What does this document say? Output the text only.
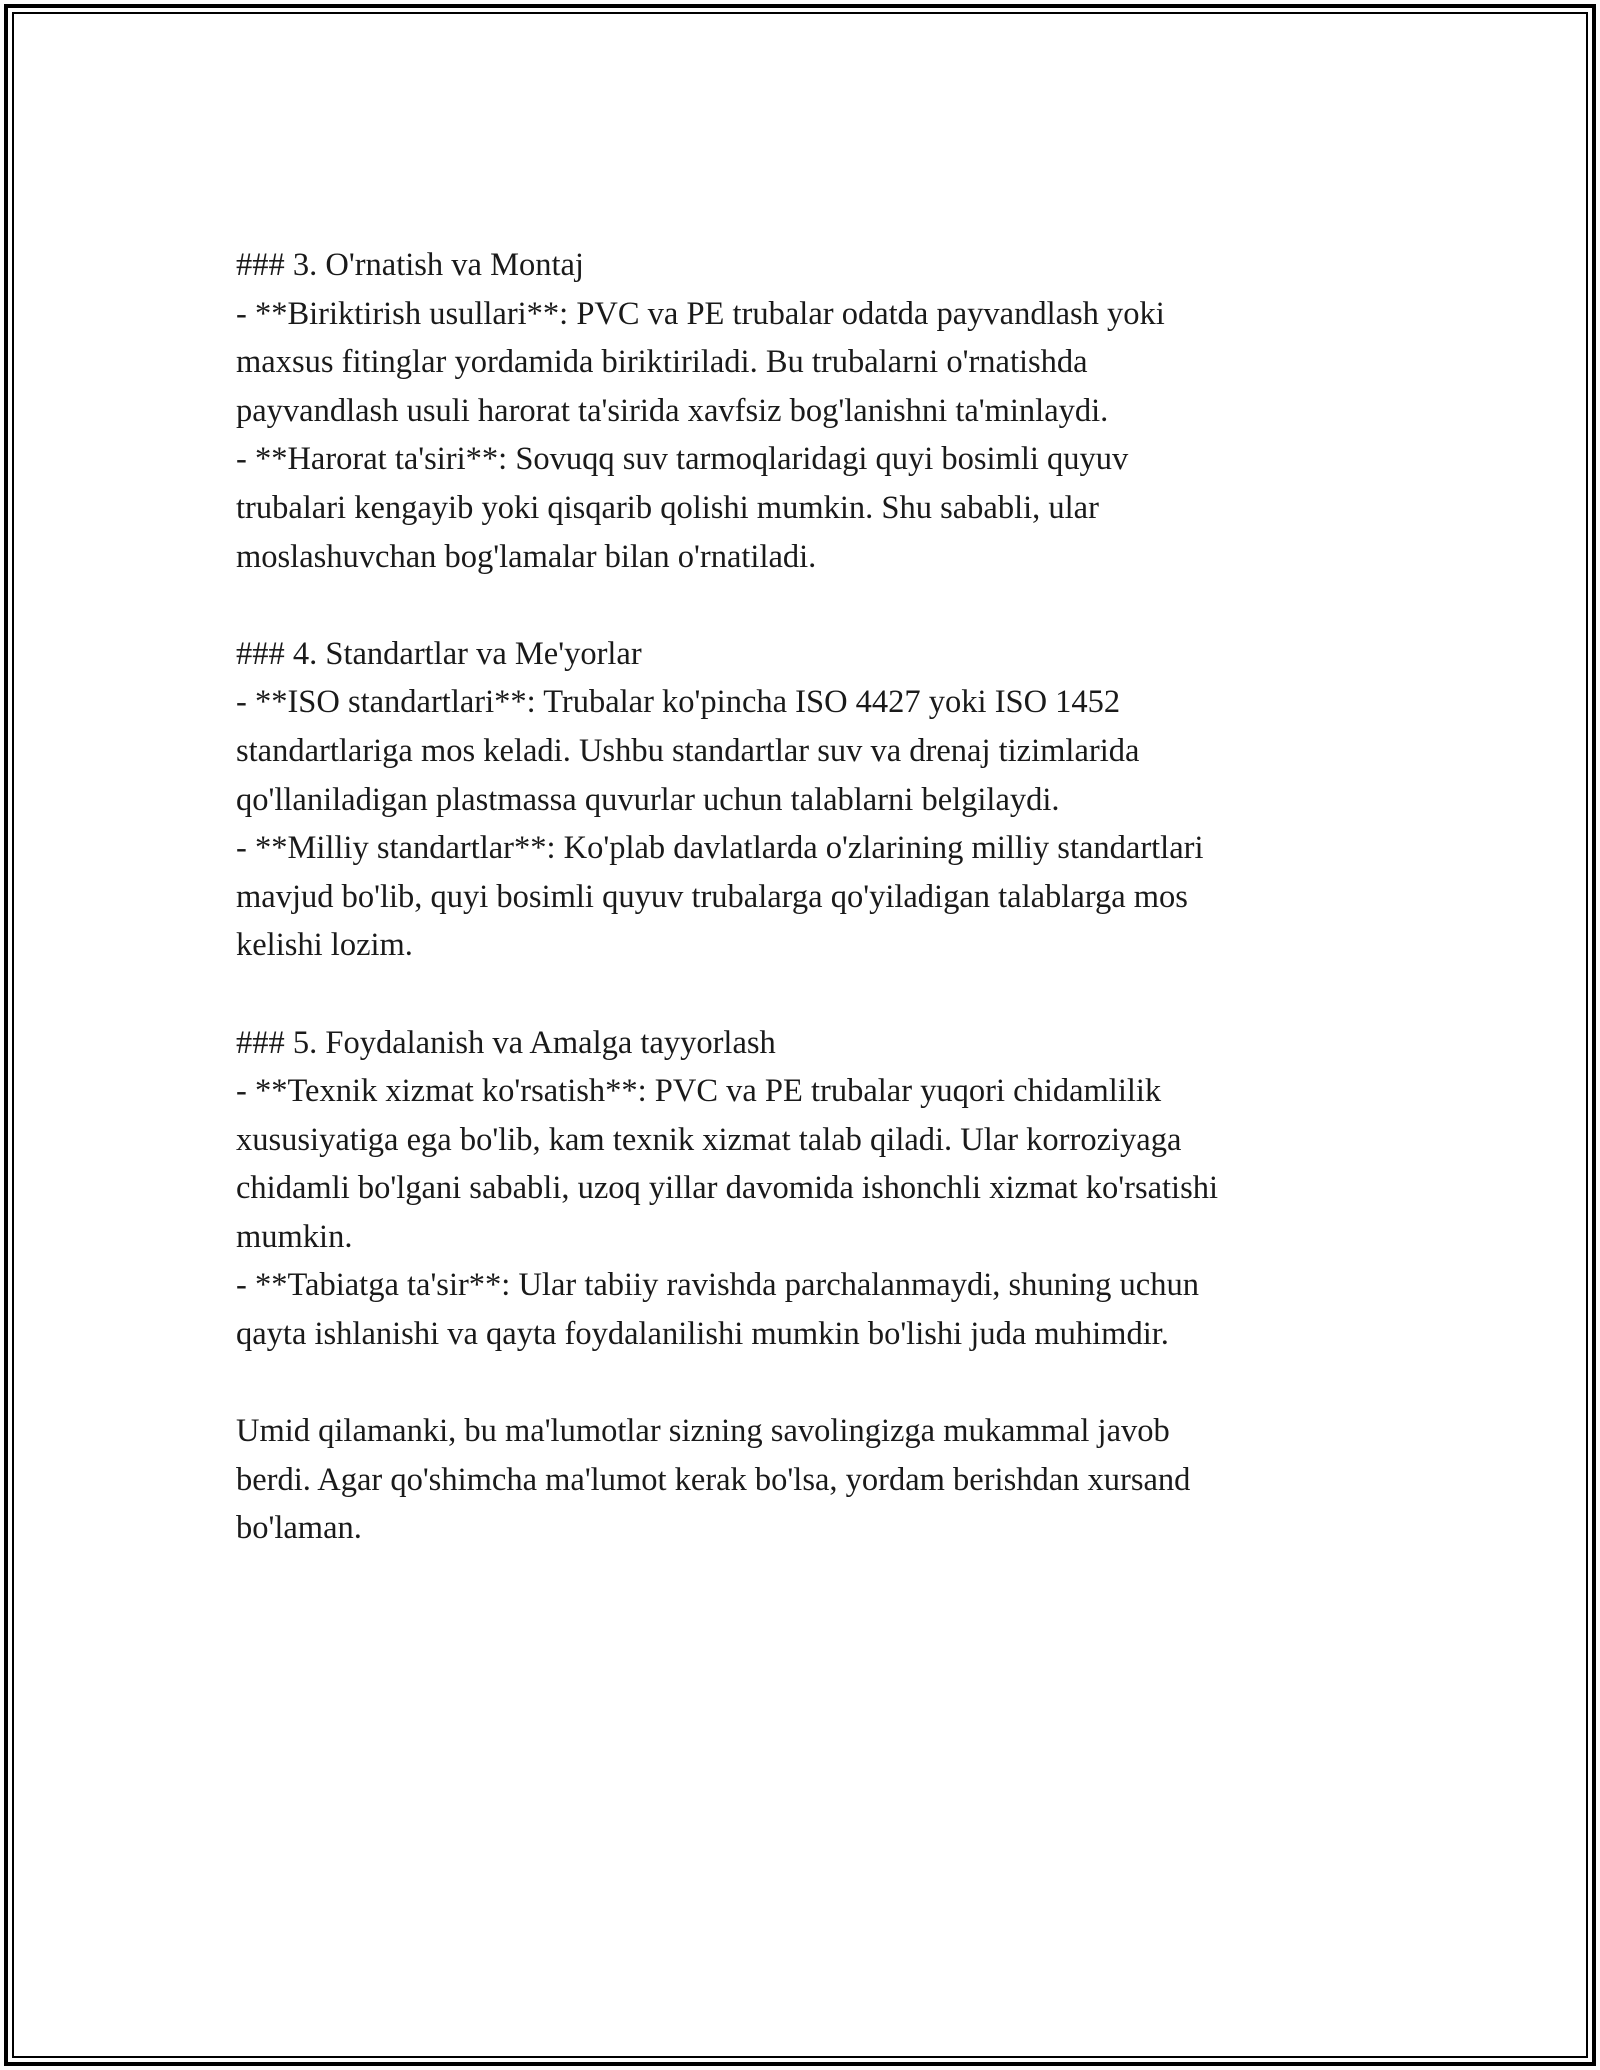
### 3. O'rnatish va Montaj
- **Biriktirish usullari**: PVC va PE trubalar odatda payvandlash yoki
maxsus fitinglar yordamida biriktiriladi. Bu trubalarni o'rnatishda
payvandlash usuli harorat ta'sirida xavfsiz bog'lanishni ta'minlaydi.
- **Harorat ta'siri**: Sovuqq suv tarmoqlaridagi quyi bosimli quyuv
trubalari kengayib yoki qisqarib qolishi mumkin. Shu sababli, ular
moslashuvchan bog'lamalar bilan o'rnatiladi.
### 4. Standartlar va Me'yorlar
- **ISO standartlari**: Trubalar ko'pincha ISO 4427 yoki ISO 1452
standartlariga mos keladi. Ushbu standartlar suv va drenaj tizimlarida
qo'llaniladigan plastmassa quvurlar uchun talablarni belgilaydi.
- **Milliy standartlar**: Ko'plab davlatlarda o'zlarining milliy standartlari
mavjud bo'lib, quyi bosimli quyuv trubalarga qo'yiladigan talablarga mos
kelishi lozim.
### 5. Foydalanish va Amalga tayyorlash
- **Texnik xizmat ko'rsatish**: PVC va PE trubalar yuqori chidamlilik
xususiyatiga ega bo'lib, kam texnik xizmat talab qiladi. Ular korroziyaga
chidamli bo'lgani sababli, uzoq yillar davomida ishonchli xizmat ko'rsatishi
mumkin.
- **Tabiatga ta'sir**: Ular tabiiy ravishda parchalanmaydi, shuning uchun
qayta ishlanishi va qayta foydalanilishi mumkin bo'lishi juda muhimdir.
Umid qilamanki, bu ma'lumotlar sizning savolingizga mukammal javob
berdi. Agar qo'shimcha ma'lumot kerak bo'lsa, yordam berishdan xursand
bo'laman.
